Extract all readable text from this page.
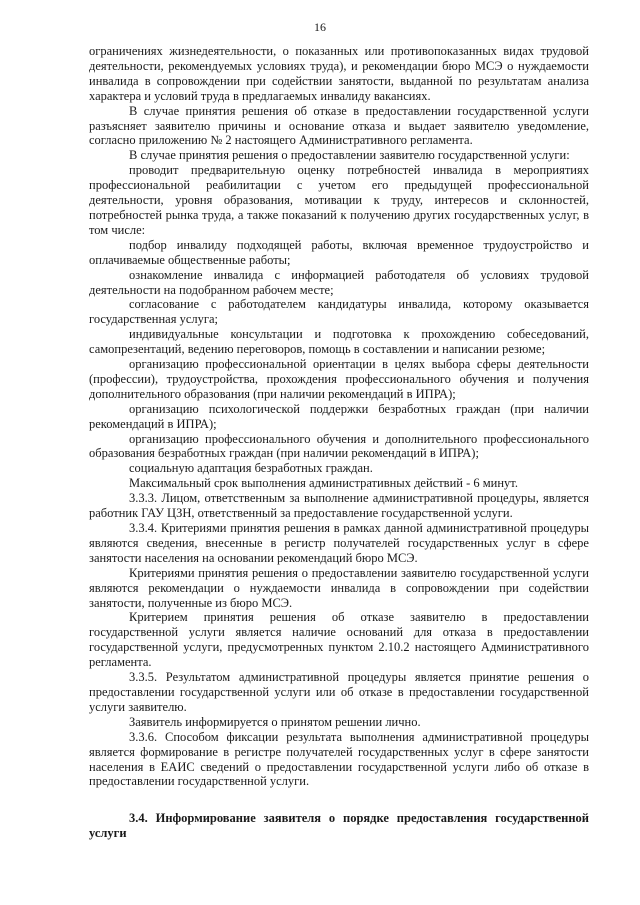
16

ограничениях жизнедеятельности, о показанных или противопоказанных видах трудовой деятельности, рекомендуемых условиях труда), и рекомендации бюро МСЭ о нуждаемости инвалида в сопровождении при содействии занятости, выданной по результатам анализа характера и условий труда в предлагаемых инвалиду вакансиях.

В случае принятия решения об отказе в предоставлении государственной услуги разъясняет заявителю причины и основание отказа и выдает заявителю уведомление, согласно приложению № 2 настоящего Административного регламента.

В случае принятия решения о предоставлении заявителю государственной услуги:

проводит предварительную оценку потребностей инвалида в мероприятиях профессиональной реабилитации с учетом его предыдущей профессиональной деятельности, уровня образования, мотивации к труду, интересов и склонностей, потребностей рынка труда, а также показаний к получению других государственных услуг, в том числе:

подбор инвалиду подходящей работы, включая временное трудоустройство и оплачиваемые общественные работы;

ознакомление инвалида с информацией работодателя об условиях трудовой деятельности на подобранном рабочем месте;

согласование с работодателем кандидатуры инвалида, которому оказывается государственная услуга;

индивидуальные консультации и подготовка к прохождению собеседований, самопрезентаций, ведению переговоров, помощь в составлении и написании резюме;

организацию профессиональной ориентации в целях выбора сферы деятельности (профессии), трудоустройства, прохождения профессионального обучения и получения дополнительного образования (при наличии рекомендаций в ИПРА);

организацию психологической поддержки безработных граждан (при наличии рекомендаций в ИПРА);

организацию профессионального обучения и дополнительного профессионального образования безработных граждан (при наличии рекомендаций в ИПРА);

социальную адаптация безработных граждан.

Максимальный срок выполнения административных действий - 6 минут.

3.3.3. Лицом, ответственным за выполнение административной процедуры, является работник ГАУ ЦЗН, ответственный за предоставление государственной услуги.

3.3.4. Критериями принятия решения в рамках данной административной процедуры являются сведения, внесенные в регистр получателей государственных услуг в сфере занятости населения на основании рекомендаций бюро МСЭ.

Критериями принятия решения о предоставлении заявителю государственной услуги являются рекомендации о нуждаемости инвалида в сопровождении при содействии занятости, полученные из бюро МСЭ.

Критерием принятия решения об отказе заявителю в предоставлении государственной услуги является наличие оснований для отказа в предоставлении государственной услуги, предусмотренных пунктом 2.10.2 настоящего Административного регламента.

3.3.5. Результатом административной процедуры является принятие решения о предоставлении государственной услуги или об отказе в предоставлении государственной услуги заявителю.

Заявитель информируется о принятом решении лично.

3.3.6. Способом фиксации результата выполнения административной процедуры является формирование в регистре получателей государственных услуг в сфере занятости населения в ЕАИС сведений о предоставлении государственной услуги либо об отказе в предоставлении государственной услуги.

3.4. Информирование заявителя о порядке предоставления государственной услуги
